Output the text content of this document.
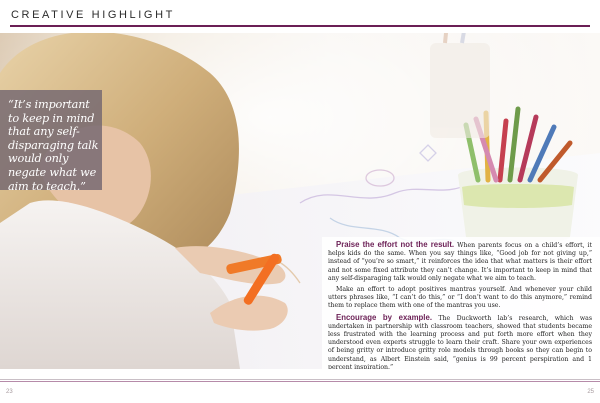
CREATIVE HIGHLIGHT
“It’s important to keep in mind that any self-disparaging talk would only negate what we aim to teach.”

Praise the effort not the result. When parents focus on a child’s effort, it helps kids do the same. When you say things like, “Good job for not giving up,” instead of “you’re so smart,” it reinforces the idea that what matters is their effort and not some fixed attribute they can’t change. It’s important to keep in mind that any self-disparaging talk would only negate what we aim to teach.

Make an effort to adopt positives mantras yourself. And whenever your child utters phrases like, “I can’t do this,” or “I don’t want to do this anymore,” remind them to replace them with one of the mantras you use.

Encourage by example. The Duckworth lab’s research, which was undertaken in partnership with classroom teachers, showed that students became less frustrated with the learning process and put forth more effort when they understood even experts struggle to learn their craft. Share your own experiences of being gritty or introduce gritty role models through books so they can begin to understand, as Albert Einstein said, “genius is 99 percent perspiration and 1 percent inspiration.”

23	25
